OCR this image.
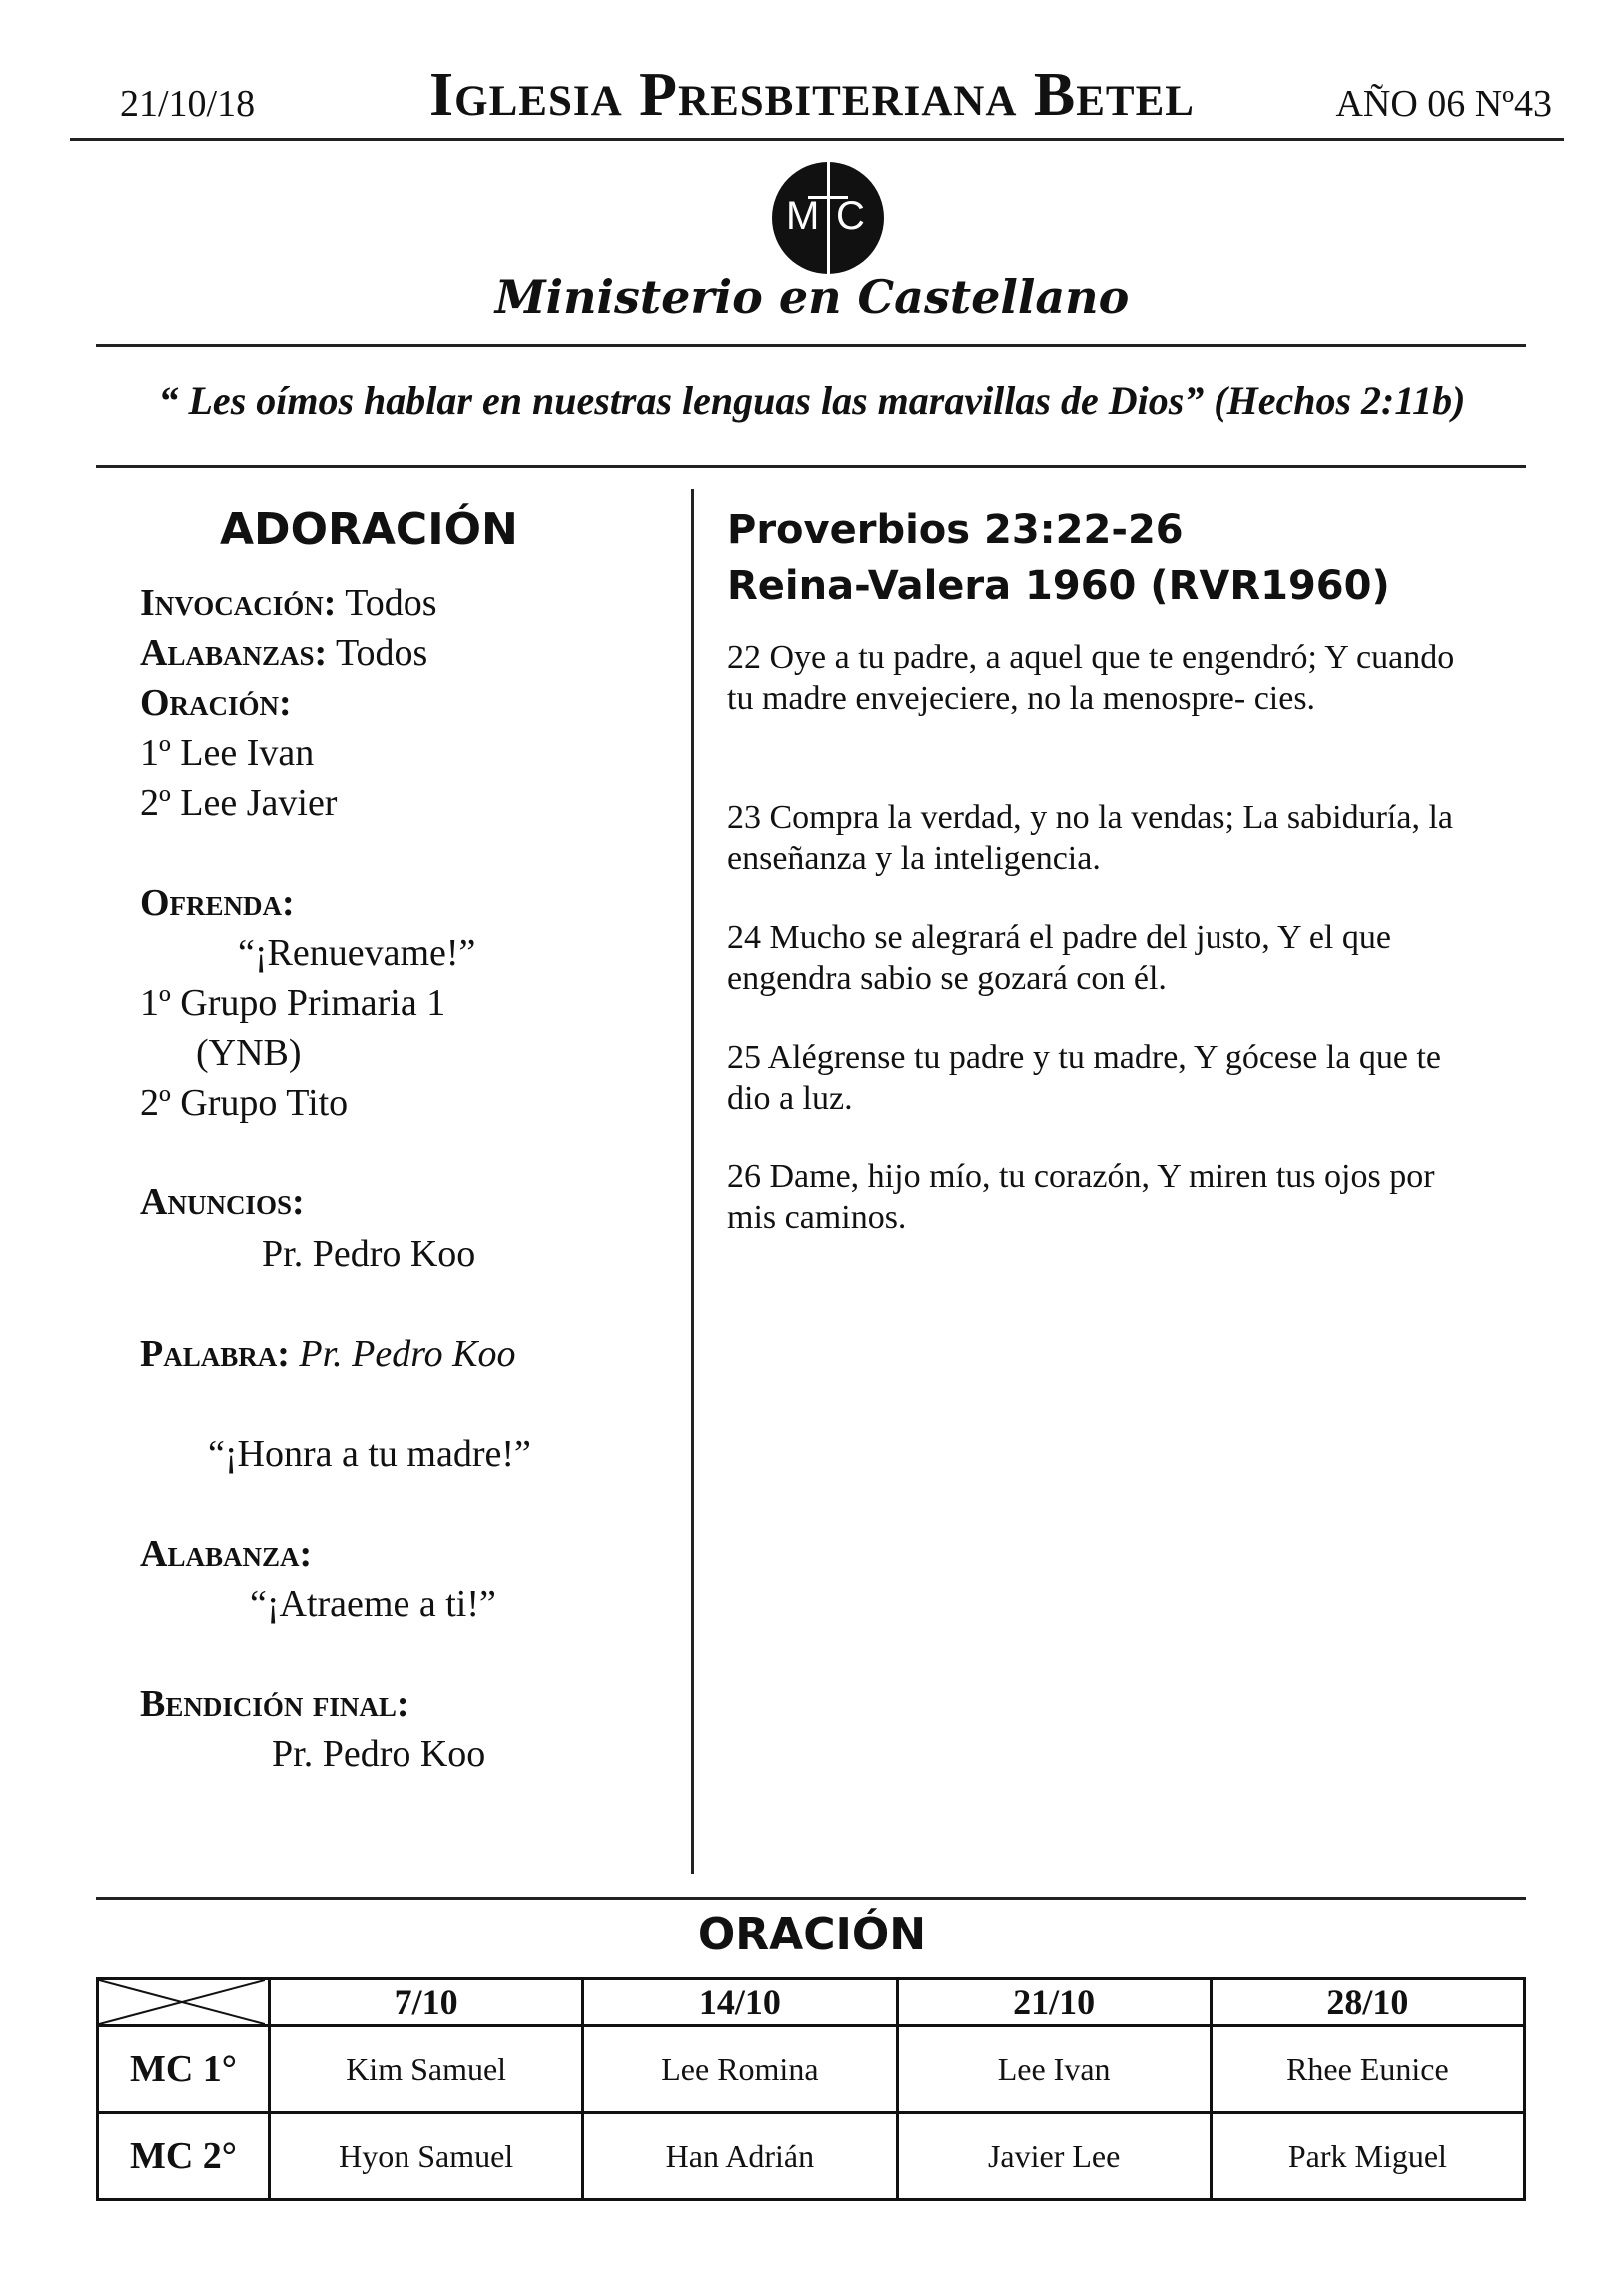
21/10/18	Iglesia Presbiteriana Betel	AÑO 06 Nº43
M C
Ministerio en Castellano
“ Les oímos hablar en nuestras lenguas las maravillas de Dios” (Hechos 2:11b)
ADORACIÓN
Invocación: Todos
Alabanzas: Todos
Oración:
1º Lee Ivan
2º Lee Javier
Ofrenda:
“¡Renuevame!”
1º Grupo Primaria 1
(YNB)
2º Grupo Tito
Anuncios:
Pr. Pedro Koo
Palabra: Pr. Pedro Koo
“¡Honra a tu madre!”
Alabanza:
“¡Atraeme a ti!”
Bendición final:
Pr. Pedro Koo
Proverbios 23:22-26
Reina-Valera 1960 (RVR1960)
22 Oye a tu padre, a aquel que te engendró; Y cuando tu madre envejeciere, no la menospre- cies.
23 Compra la verdad, y no la vendas; La sabiduría, la enseñanza y la inteligencia.
24 Mucho se alegrará el padre del justo, Y el que engendra sabio se gozará con él.
25 Alégrense tu padre y tu madre, Y gócese la que te dio a luz.
26 Dame, hijo mío, tu corazón, Y miren tus ojos por mis caminos.
ORACIÓN
	7/10	14/10	21/10	28/10
MC 1°	Kim Samuel	Lee Romina	Lee Ivan	Rhee Eunice
MC 2°	Hyon Samuel	Han Adrián	Javier Lee	Park Miguel
